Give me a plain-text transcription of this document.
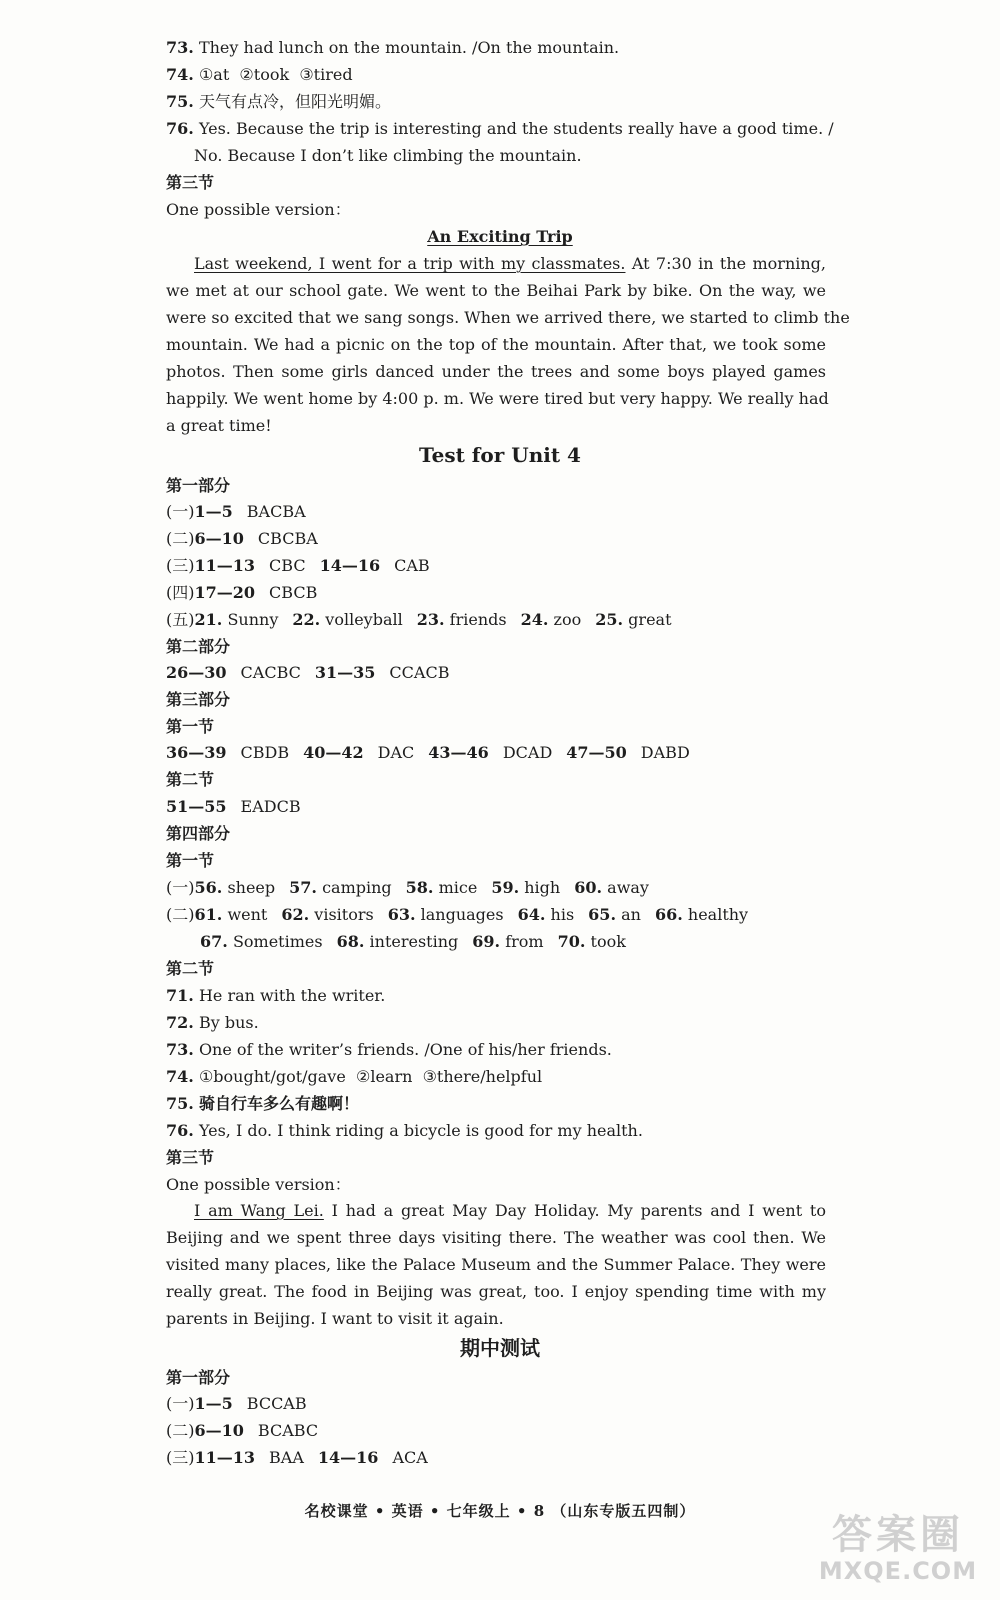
73. They had lunch on the mountain. /On the mountain.
74. ①at ②took ③tired
75. 天气有点冷，但阳光明媚。
76. Yes. Because the trip is interesting and the students really have a good time. /
No. Because I don’t like climbing the mountain.
第三节
One possible version：
An Exciting Trip
Last weekend, I went for a trip with my classmates. At 7:30 in the morning,
we met at our school gate. We went to the Beihai Park by bike. On the way, we
were so excited that we sang songs. When we arrived there, we started to climb the
mountain. We had a picnic on the top of the mountain. After that, we took some
photos. Then some girls danced under the trees and some boys played games
happily. We went home by 4:00 p. m. We were tired but very happy. We really had
a great time!
Test for Unit 4
第一部分
(一)1—5 BACBA
(二)6—10 CBCBA
(三)11—13 CBC 14—16 CAB
(四)17—20 CBCB
(五)21. Sunny 22. volleyball 23. friends 24. zoo 25. great
第二部分
26—30 CACBC 31—35 CCACB
第三部分
第一节
36—39 CBDB 40—42 DAC 43—46 DCAD 47—50 DABD
第二节
51—55 EADCB
第四部分
第一节
(一)56. sheep 57. camping 58. mice 59. high 60. away
(二)61. went 62. visitors 63. languages 64. his 65. an 66. healthy
67. Sometimes 68. interesting 69. from 70. took
第二节
71. He ran with the writer.
72. By bus.
73. One of the writer’s friends. /One of his/her friends.
74. ①bought/got/gave ②learn ③there/helpful
75. 骑自行车多么有趣啊！
76. Yes, I do. I think riding a bicycle is good for my health.
第三节
One possible version：
I am Wang Lei. I had a great May Day Holiday. My parents and I went to
Beijing and we spent three days visiting there. The weather was cool then. We
visited many places, like the Palace Museum and the Summer Palace. They were
really great. The food in Beijing was great, too. I enjoy spending time with my
parents in Beijing. I want to visit it again.
期中测试
第一部分
(一)1—5 BCCAB
(二)6—10 BCABC
(三)11—13 BAA 14—16 ACA
名校课堂 • 英语 • 七年级上 • 8 （山东专版五四制）
答案圈
MXQE.COM
